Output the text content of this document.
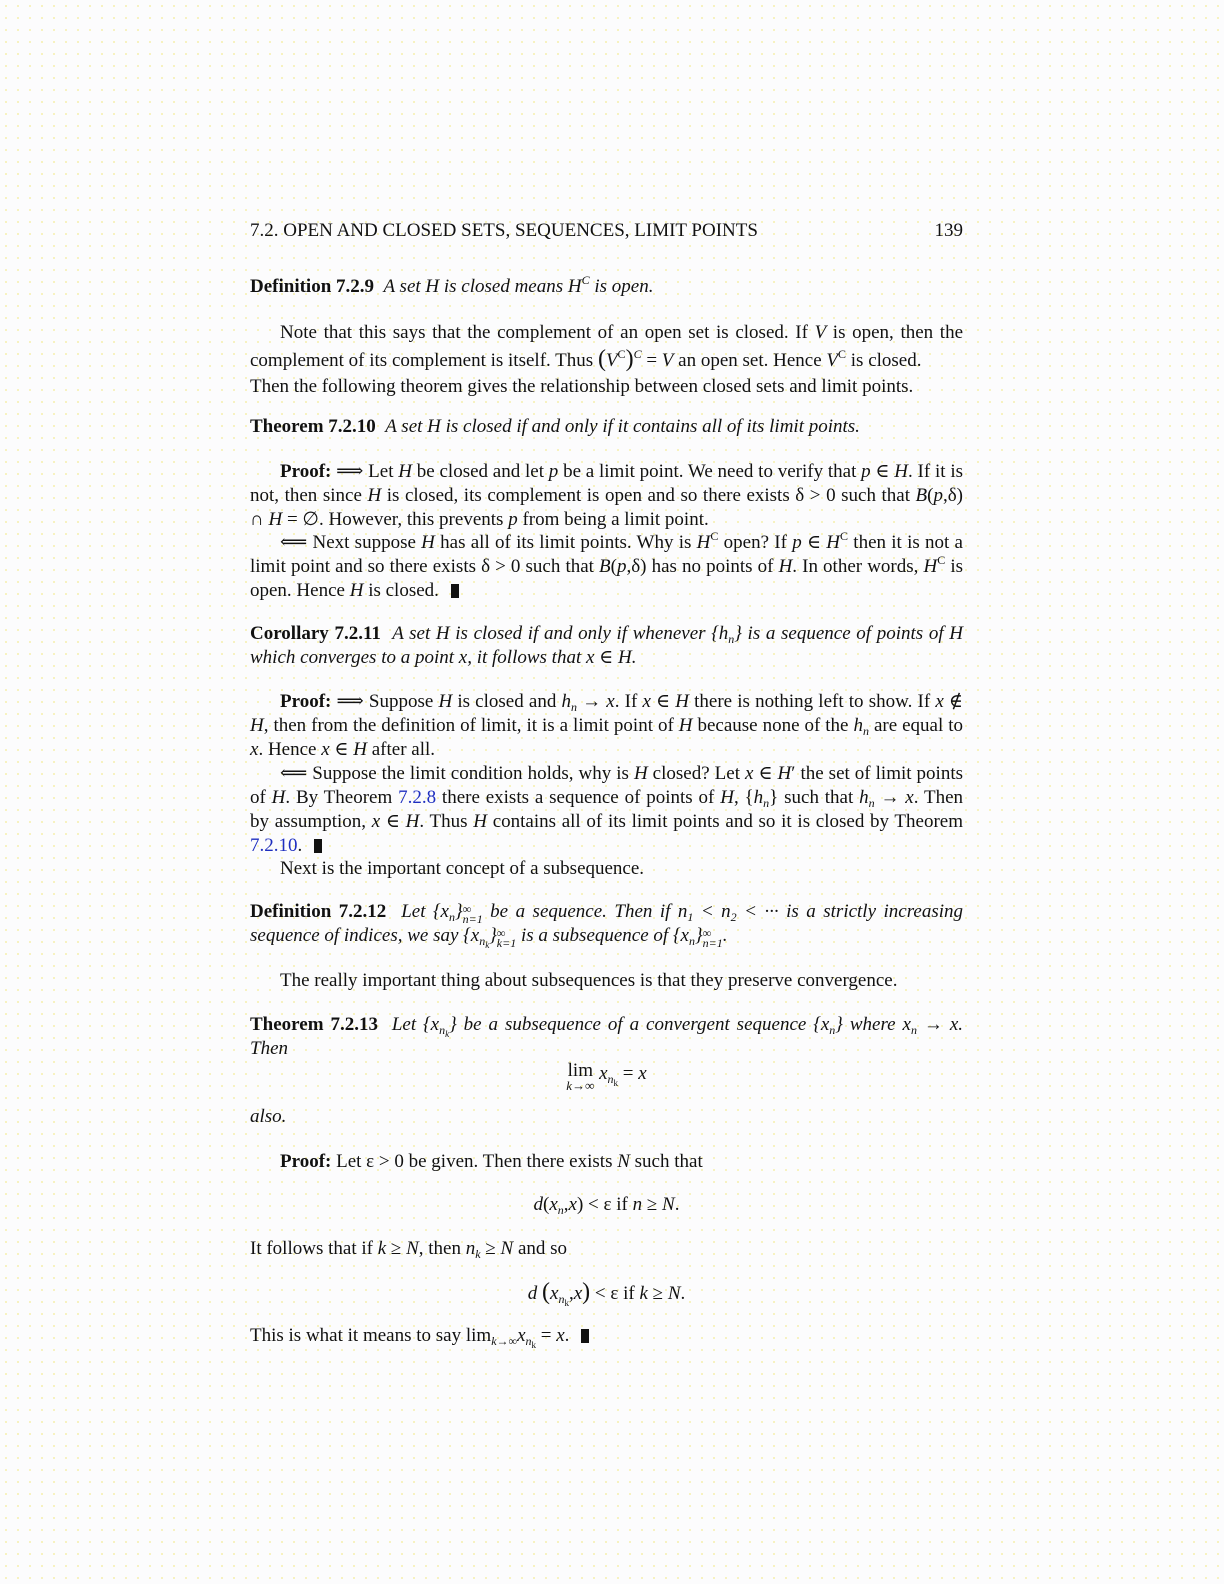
7.2. OPEN AND CLOSED SETS, SEQUENCES, LIMIT POINTS	139
Definition 7.2.9 A set H is closed means $H^C$ is open.
Note that this says that the complement of an open set is closed. If V is open, then the complement of its complement is itself. Thus $(V^C)^C = V$ an open set. Hence $V^C$ is closed.
Then the following theorem gives the relationship between closed sets and limit points.
Theorem 7.2.10 A set H is closed if and only if it contains all of its limit points.
Proof: ⟹ Let H be closed and let p be a limit point. We need to verify that p ∈ H. If it is not, then since H is closed, its complement is open and so there exists δ > 0 such that B(p,δ) ∩ H = ∅. However, this prevents p from being a limit point.
⟸ Next suppose H has all of its limit points. Why is $H^C$ open? If p ∈ $H^C$ then it is not a limit point and so there exists δ > 0 such that B(p,δ) has no points of H. In other words, $H^C$ is open. Hence H is closed.
Corollary 7.2.11 A set H is closed if and only if whenever $\{h_n\}$ is a sequence of points of H which converges to a point x, it follows that x ∈ H.
Proof: ⟹ Suppose H is closed and $h_n \to x$. If x ∈ H there is nothing left to show. If x ∉ H, then from the definition of limit, it is a limit point of H because none of the $h_n$ are equal to x. Hence x ∈ H after all.
⟸ Suppose the limit condition holds, why is H closed? Let x ∈ H′ the set of limit points of H. By Theorem 7.2.8 there exists a sequence of points of H, $\{h_n\}$ such that $h_n \to x$. Then by assumption, x ∈ H. Thus H contains all of its limit points and so it is closed by Theorem 7.2.10.
Next is the important concept of a subsequence.
Definition 7.2.12 Let $\{x_n\}$ ∞
n=1 be a sequence. Then if $n_1 < n_2$ < ··· is a strictly increasing sequence of indices, we say $\{x_{n_k}\}$ ∞
k=1 is a subsequence of $\{x_n\}$ ∞
n=1 .
The really important thing about subsequences is that they preserve convergence.
Theorem 7.2.13 Let $\{x_{n_k}\}$ be a subsequence of a convergent sequence $\{x_n\}$ where $x_n \to x$. Then
lim
k→∞
$x_{n_k} = x$
also.
Proof: Let ε > 0 be given. Then there exists N such that
$d(x_n,x) < \varepsilon$ if n ≥ N.
It follows that if k ≥ N, then $n_k \ge N$ and so
d $(x_{n_k},x) < \varepsilon$ if k ≥ N.
This is what it means to say $\lim_{k\to\infty}x_{n_k} = x$.
